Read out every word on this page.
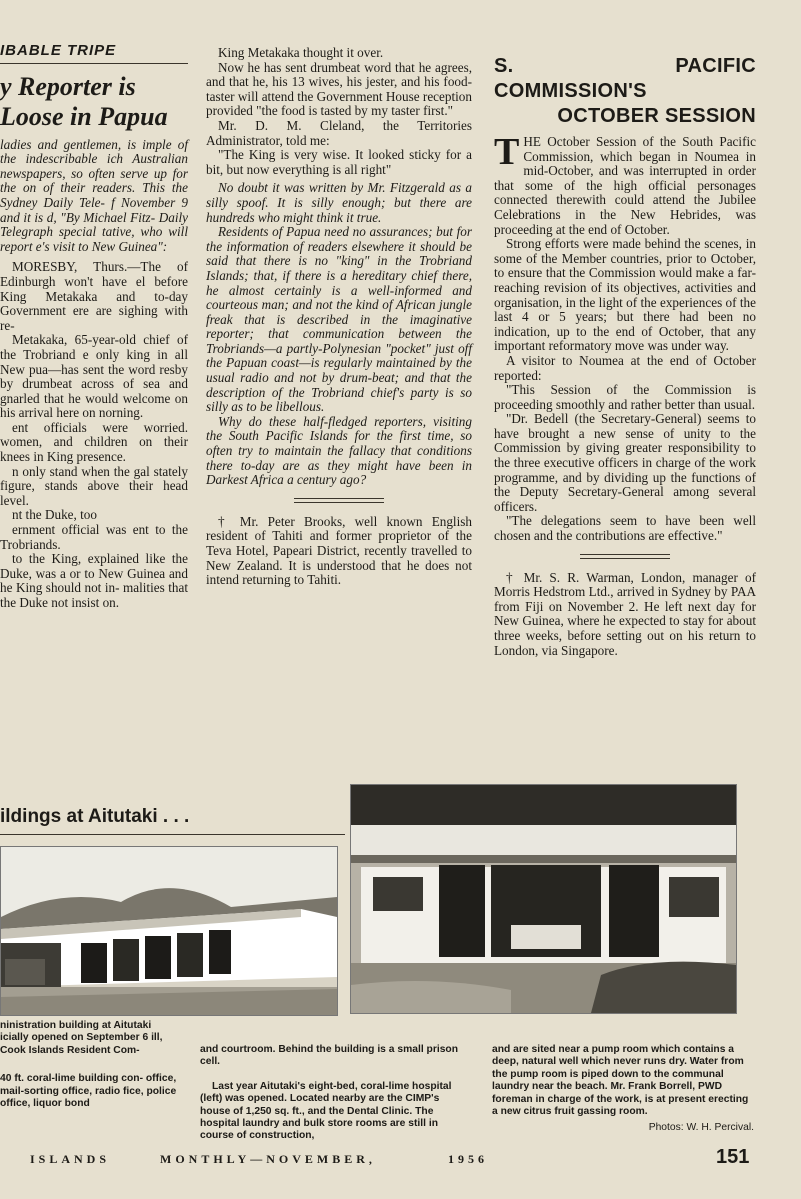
IBABLE TRIPE
y Reporter is
Loose in Papua

ladies and gentlemen, is imple of the indescribable ich Australian newspapers, so often serve up for the on of their readers. This the Sydney Daily Tele- f November 9 and it is d, "By Michael Fitz- Daily Telegraph special tative, who will report e's visit to New Guinea":

MORESBY, Thurs.—The of Edinburgh won't have el before King Metakaka and to-day Government ere are sighing with re-

Metakaka, 65-year-old chief of the Trobriand e only king in all New pua—has sent the word resby by drumbeat across of sea and gnarled that he would welcome on his arrival here on norning.

ent officials were worried. women, and children on their knees in King presence.

n only stand when the gal stately figure, stands above their head level.

nt the Duke, too

ernment official was ent to the Trobriands.

to the King, explained like the Duke, was a or to New Guinea and he King should not in- malities that the Duke not insist on.

King Metakaka thought it over.

Now he has sent drumbeat word that he agrees, and that he, his 13 wives, his jester, and his food-taster will attend the Government House reception provided "the food is tasted by my taster first."

Mr. D. M. Cleland, the Territories Administrator, told me:

"The King is very wise. It looked sticky for a bit, but now everything is all right"

No doubt it was written by Mr. Fitzgerald as a silly spoof. It is silly enough; but there are hundreds who might think it true.

Residents of Papua need no assurances; but for the information of readers elsewhere it should be said that there is no "king" in the Trobriand Islands; that, if there is a hereditary chief there, he almost certainly is a well-informed and courteous man; and not the kind of African jungle freak that is described in the imaginative reporter; that communication between the Trobriands—a partly-Polynesian "pocket" just off the Papuan coast—is regularly maintained by the usual radio and not by drum-beat; and that the description of the Trobriand chief's party is so silly as to be libellous.

Why do these half-fledged reporters, visiting the South Pacific Islands for the first time, so often try to maintain the fallacy that conditions there to-day are as they might have been in Darkest Africa a century ago?

† Mr. Peter Brooks, well known English resident of Tahiti and former proprietor of the Teva Hotel, Papeari District, recently travelled to New Zealand. It is understood that he does not intend returning to Tahiti.

S. PACIFIC COMMISSION'S
OCTOBER SESSION

THE October Session of the South Pacific Commission, which began in Noumea in mid-October, and was interrupted in order that some of the high official personages connected therewith could attend the Jubilee Celebrations in the New Hebrides, was proceeding at the end of October.

Strong efforts were made behind the scenes, in some of the Member countries, prior to October, to ensure that the Commission would make a far-reaching revision of its objectives, activities and organisation, in the light of the experiences of the last 4 or 5 years; but there had been no indication, up to the end of October, that any important reformatory move was under way.

A visitor to Noumea at the end of October reported:

"This Session of the Commission is proceeding smoothly and rather better than usual.

"Dr. Bedell (the Secretary-General) seems to have brought a new sense of unity to the Commission by giving greater responsibility to the three executive officers in charge of the work programme, and by dividing up the functions of the Deputy Secretary-General among several officers.

"The delegations seem to have been well chosen and the contributions are effective."

† Mr. S. R. Warman, London, manager of Morris Hedstrom Ltd., arrived in Sydney by PAA from Fiji on November 2. He left next day for New Guinea, where he expected to stay for about three weeks, before setting out on his return to London, via Singapore.

ildings at Aitutaki . . .

ninistration building at Aitutaki icially opened on September 6 ill, Cook Islands Resident Com-

40 ft. coral-lime building con- office, mail-sorting office, radio fice, police office, liquor bond

and courtroom. Behind the building is a small prison cell.

Last year Aitutaki's eight-bed, coral-lime hospital (left) was opened. Located nearby are the CIMP's house of 1,250 sq. ft., and the Dental Clinic. The hospital laundry and bulk store rooms are still in course of construction,

and are sited near a pump room which contains a deep, natural well which never runs dry. Water from the pump room is piped down to the communal laundry near the beach. Mr. Frank Borrell, PWD foreman in charge of the work, is at present erecting a new citrus fruit gassing room.

Photos: W. H. Percival.
ISLANDS	MONTHLY—NOVEMBER,	1956	151
